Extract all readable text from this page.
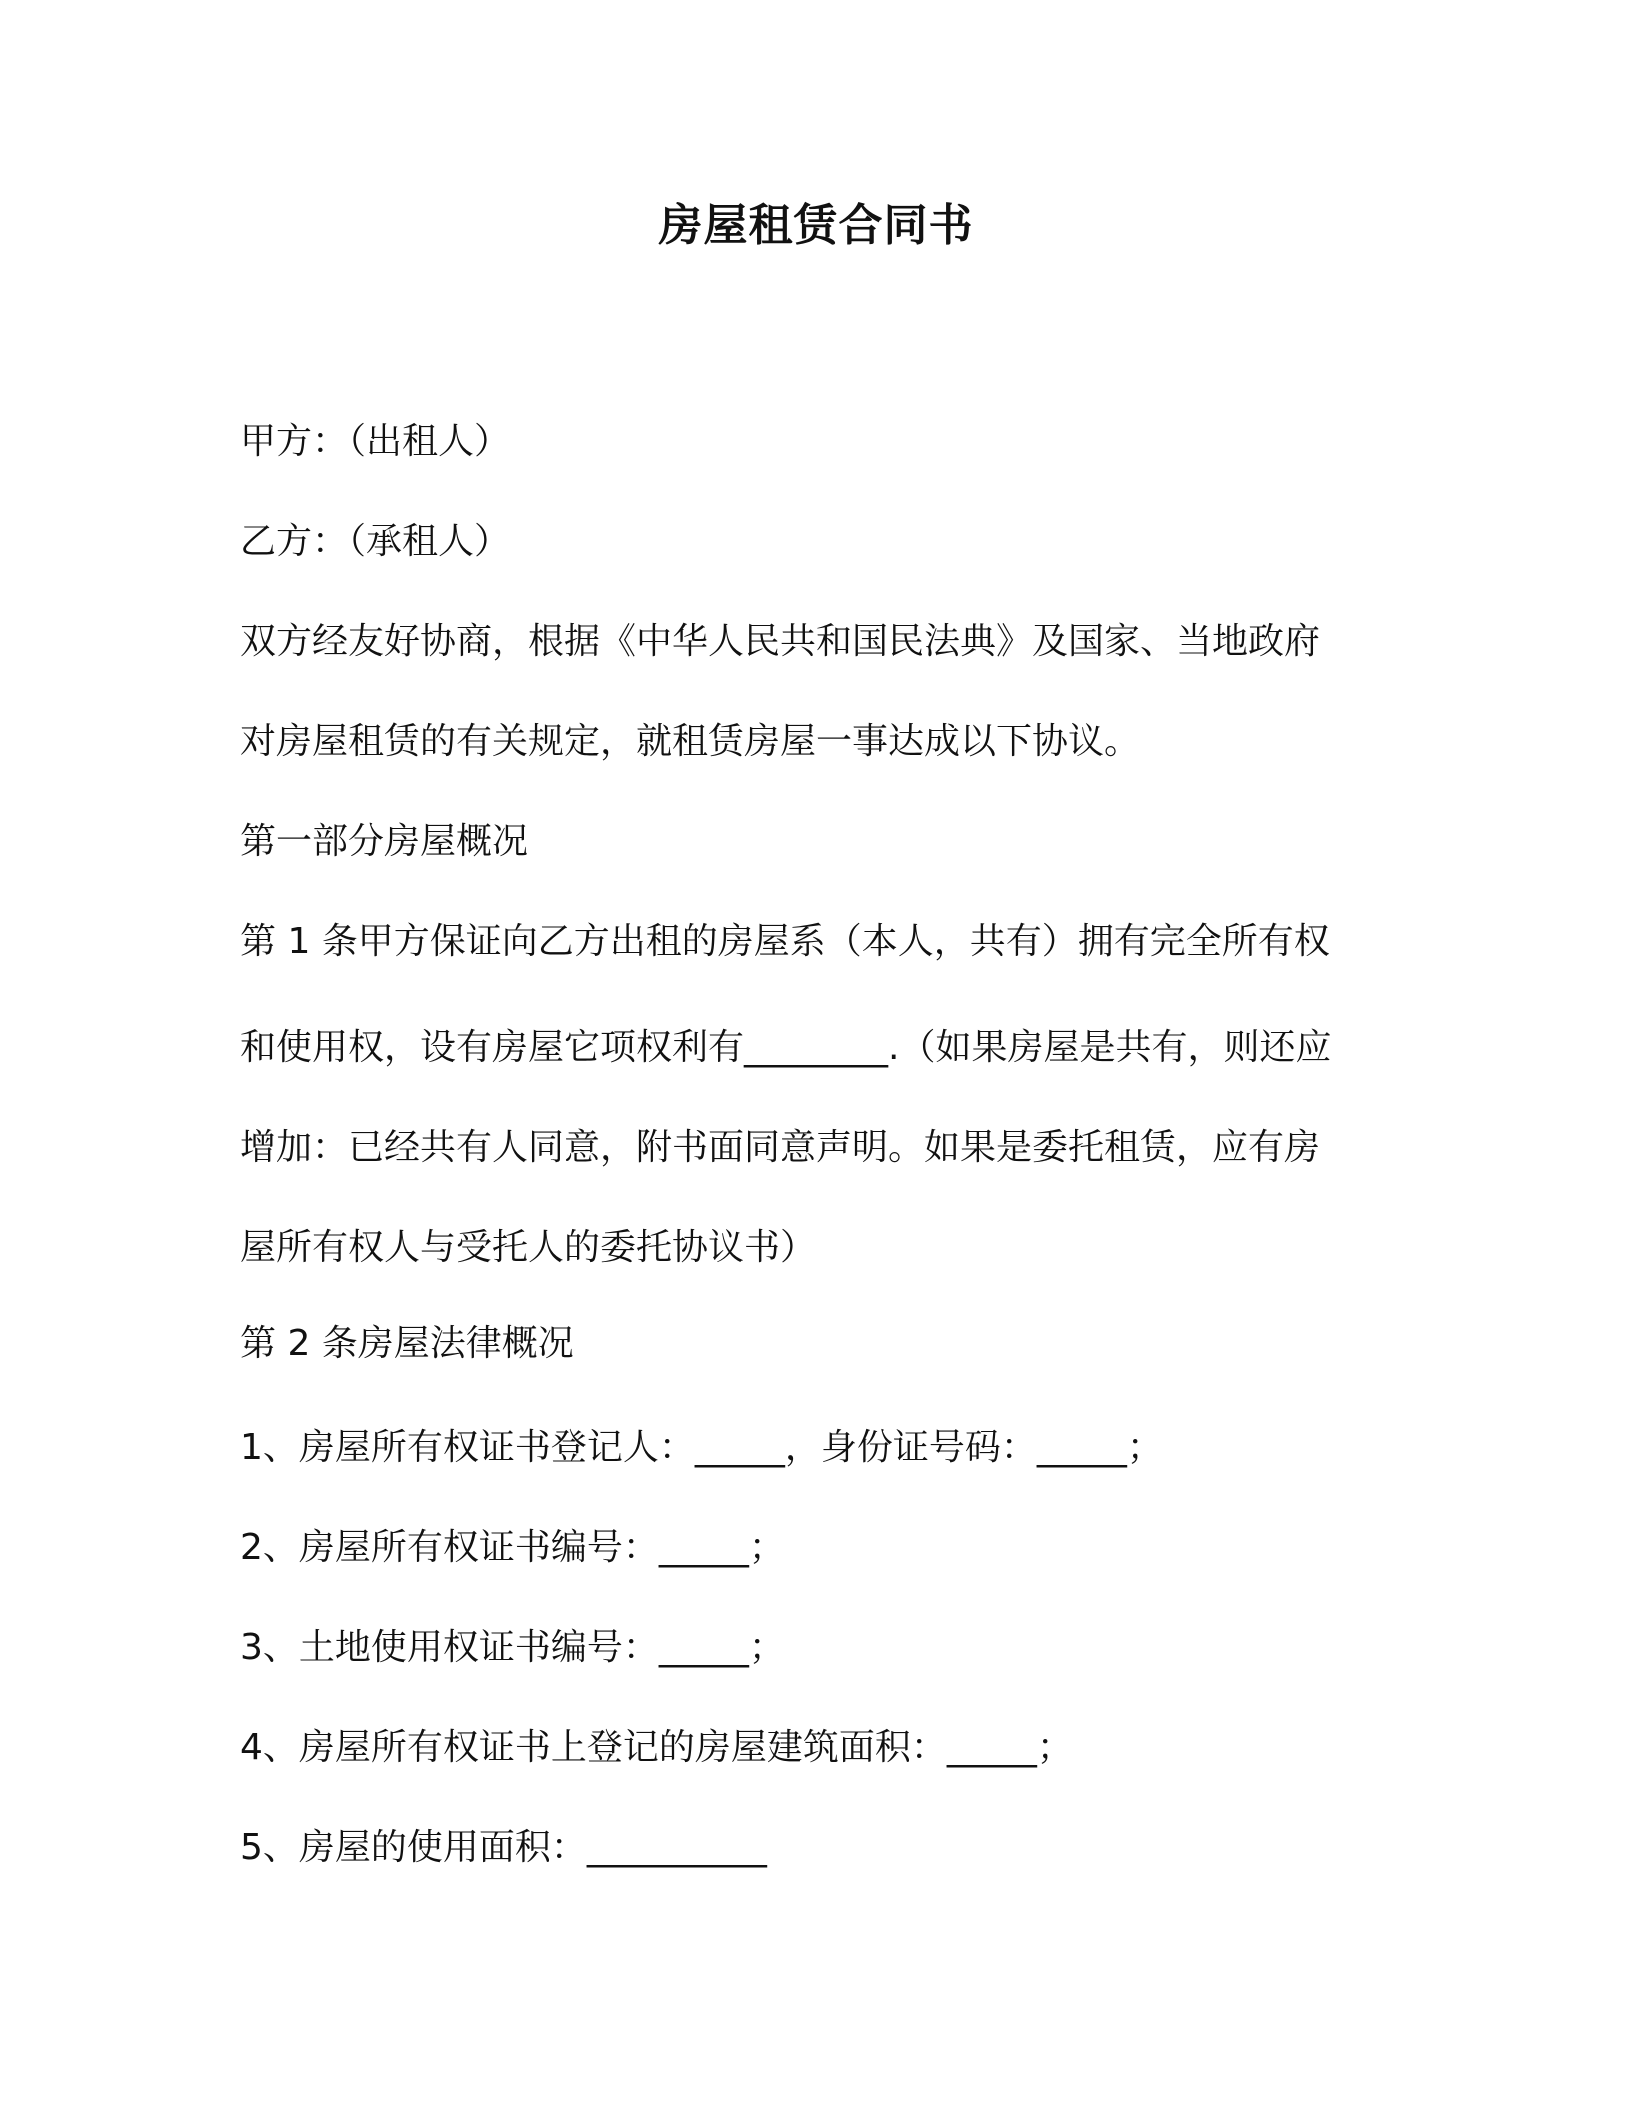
房屋租赁合同书
甲方：（出租人）
乙方：（承租人）
双方经友好协商，根据《中华人民共和国民法典》及国家、当地政府
对房屋租赁的有关规定，就租赁房屋一事达成以下协议。
第一部分房屋概况
第 1 条甲方保证向乙方出租的房屋系（本人，共有）拥有完全所有权
和使用权，设有房屋它项权利有________.（如果房屋是共有，则还应
增加：已经共有人同意，附书面同意声明。如果是委托租赁，应有房
屋所有权人与受托人的委托协议书）
第 2 条房屋法律概况
1、房屋所有权证书登记人：_____，身份证号码：_____；
2、房屋所有权证书编号：_____；
3、土地使用权证书编号：_____；
4、房屋所有权证书上登记的房屋建筑面积：_____；
5、房屋的使用面积：__________
